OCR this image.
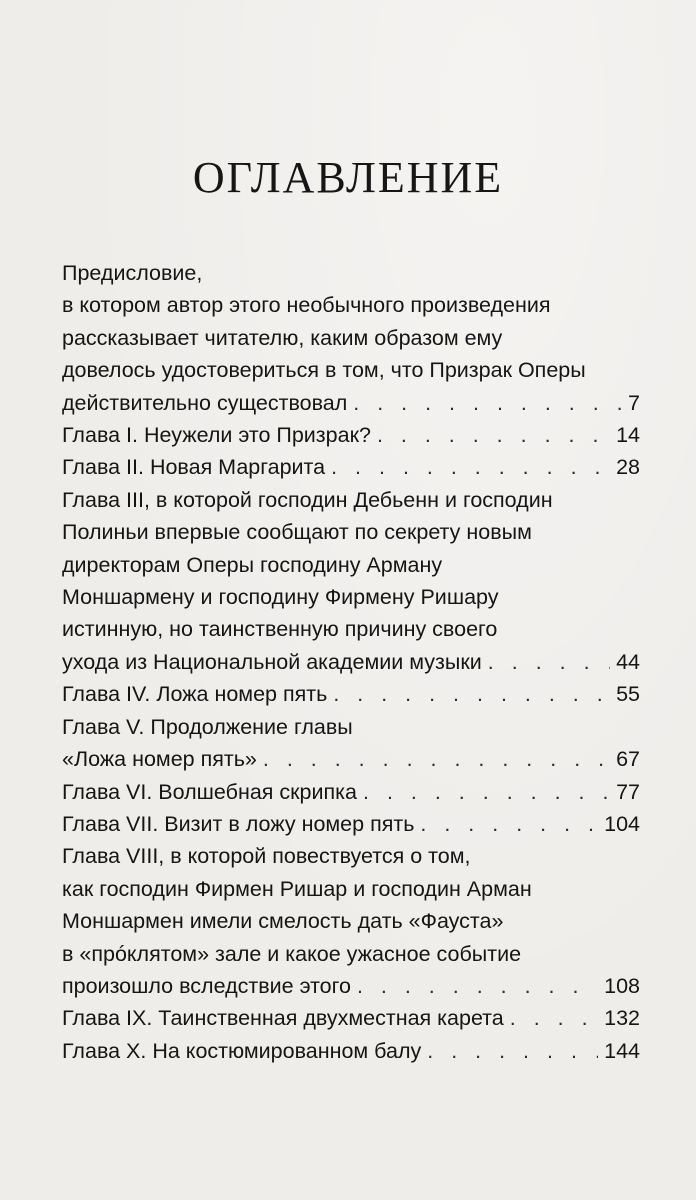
ОГЛАВЛЕНИЕ
Предисловие,
в котором автор этого необычного произведения
рассказывает читателю, каким образом ему
довелось удостовериться в том, что Призрак Оперы
действительно существовал . . .	7
Глава I. Неужели это Призрак? . . .	14
Глава II. Новая Маргарита . . .	28
Глава III, в которой господин Дебьенн и господин
Полиньи впервые сообщают по секрету новым
директорам Оперы господину Арману
Моншармену и господину Фирмену Ришару
истинную, но таинственную причину своего
ухода из Национальной академии музыки . . .	44
Глава IV. Ложа номер пять . . .	55
Глава V. Продолжение главы
«Ложа номер пять» . . .	67
Глава VI. Волшебная скрипка . . .	77
Глава VII. Визит в ложу номер пять . . .	104
Глава VIII, в которой повествуется о том,
как господин Фирмен Ришар и господин Арман
Моншармен имели смелость дать «Фауста»
в «прóклятом» зале и какое ужасное событие
произошло вследствие этого . . .	108
Глава IX. Таинственная двухместная карета . . .	132
Глава X. На костюмированном балу . . .	144
